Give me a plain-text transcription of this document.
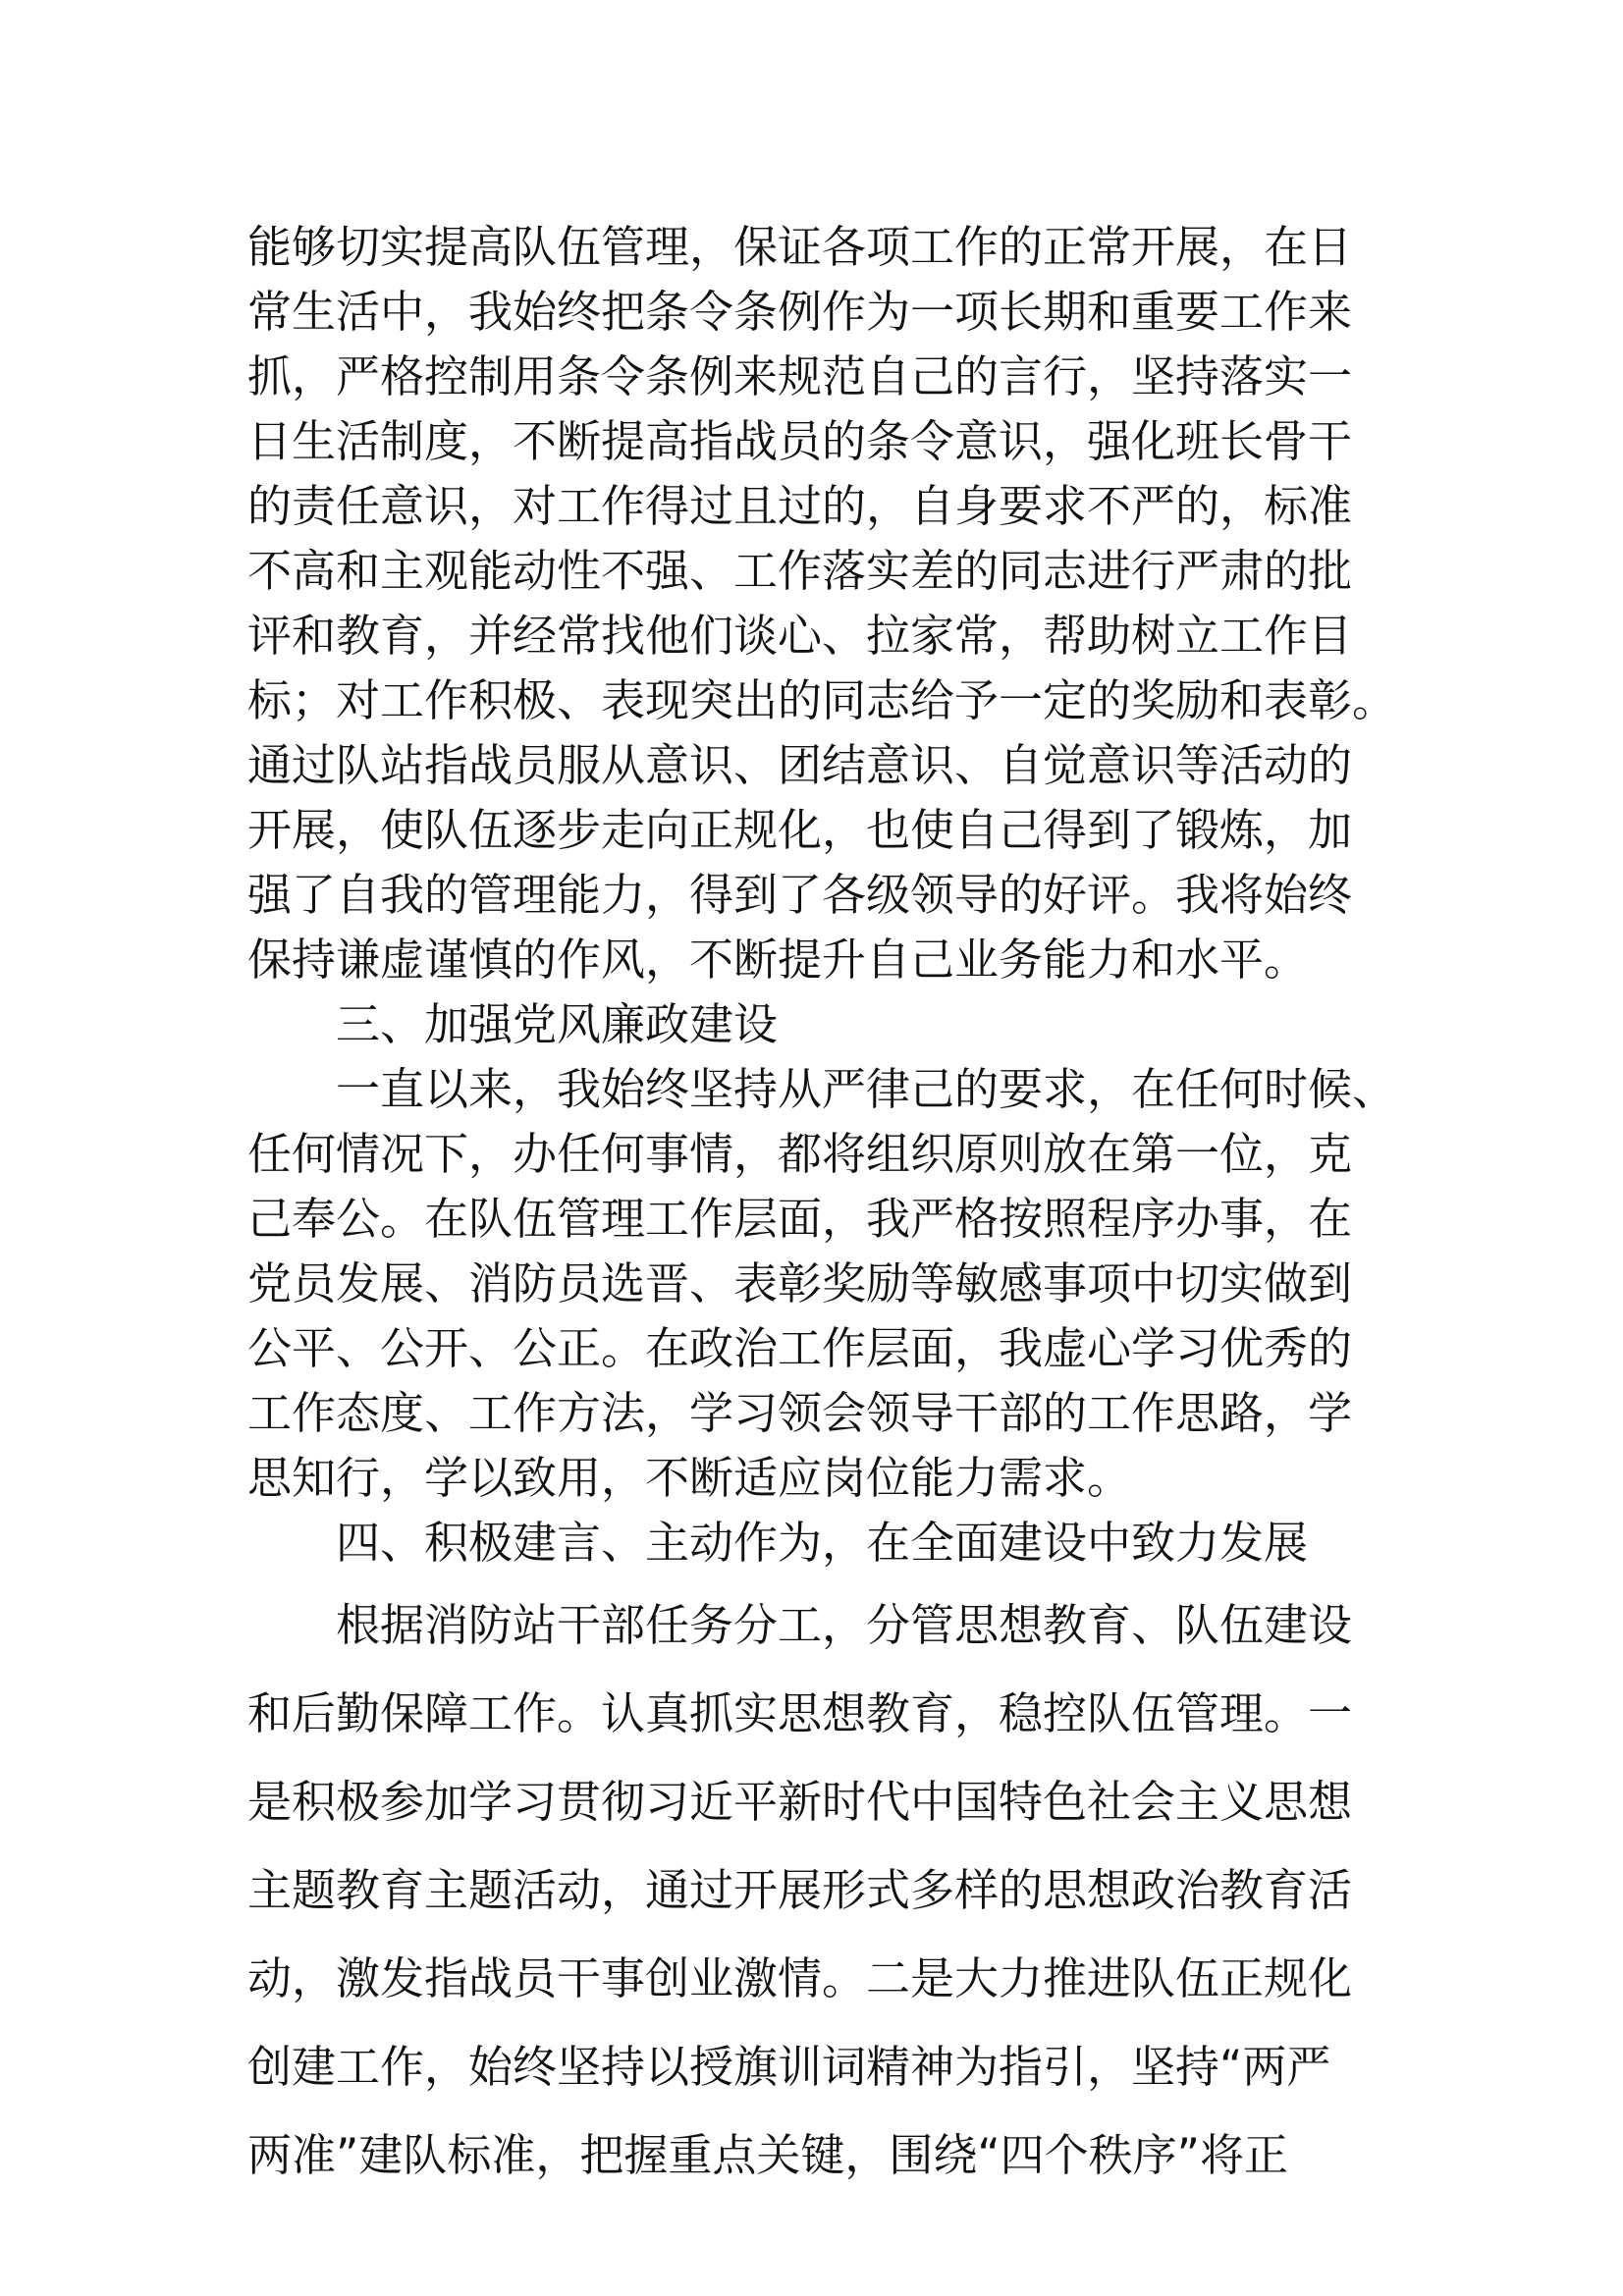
能够切实提高队伍管理，保证各项工作的正常开展，在日
常生活中，我始终把条令条例作为一项长期和重要工作来
抓，严格控制用条令条例来规范自己的言行，坚持落实一
日生活制度，不断提高指战员的条令意识，强化班长骨干
的责任意识，对工作得过且过的，自身要求不严的，标准
不高和主观能动性不强、工作落实差的同志进行严肃的批
评和教育，并经常找他们谈心、拉家常，帮助树立工作目
标；对工作积极、表现突出的同志给予一定的奖励和表彰。
通过队站指战员服从意识、团结意识、自觉意识等活动的
开展，使队伍逐步走向正规化，也使自己得到了锻炼，加
强了自我的管理能力，得到了各级领导的好评。我将始终
保持谦虚谨慎的作风，不断提升自己业务能力和水平。
三、加强党风廉政建设
一直以来，我始终坚持从严律己的要求，在任何时候、
任何情况下，办任何事情，都将组织原则放在第一位，克
己奉公。在队伍管理工作层面，我严格按照程序办事，在
党员发展、消防员选晋、表彰奖励等敏感事项中切实做到
公平、公开、公正。在政治工作层面，我虚心学习优秀的
工作态度、工作方法，学习领会领导干部的工作思路，学
思知行，学以致用，不断适应岗位能力需求。
四、积极建言、主动作为，在全面建设中致力发展
根据消防站干部任务分工，分管思想教育、队伍建设
和后勤保障工作。认真抓实思想教育，稳控队伍管理。一
是积极参加学习贯彻习近平新时代中国特色社会主义思想
主题教育主题活动，通过开展形式多样的思想政治教育活
动，激发指战员干事创业激情。二是大力推进队伍正规化
创建工作，始终坚持以授旗训词精神为指引，坚持“两严
两准”建队标准，把握重点关键，围绕“四个秩序”将正
